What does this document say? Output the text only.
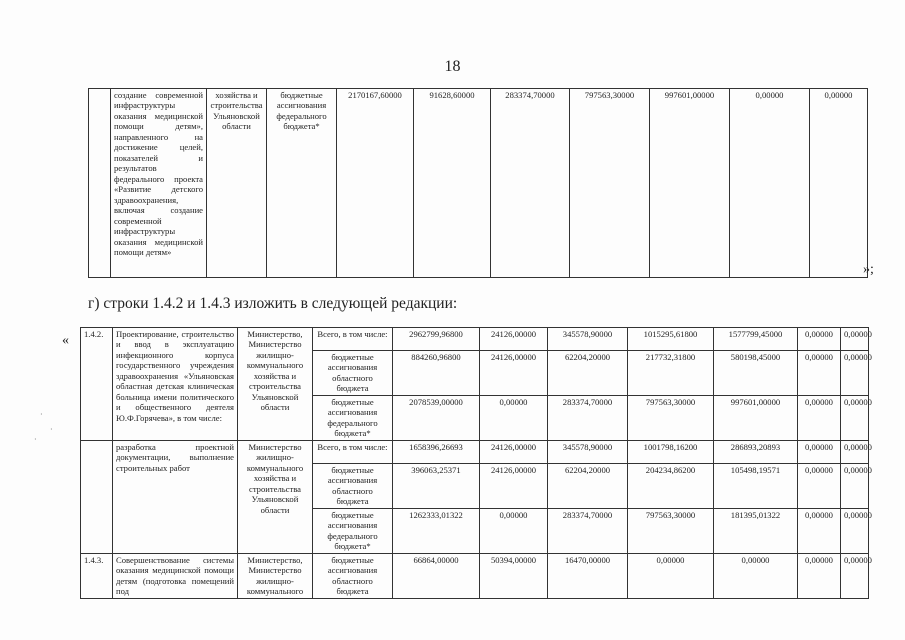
18
	создание современной инфраструктуры оказания медицинской помощи детям», направленного на достижение целей, показателей и результатов федерального проекта «Развитие детского здравоохранения, включая создание современной инфраструктуры оказания медицинской помощи детям»	хозяйства и строительства Ульяновской области	бюджетные ассигнования федерального бюджета*	2170167,60000	91628,60000	283374,70000	797563,30000	997601,00000	0,00000	0,00000
»;
г) строки 1.4.2 и 1.4.3 изложить в следующей редакции:
«
·
·
·
1.4.2.	Проектирование, строительство и ввод в эксплуатацию инфекционного корпуса государственного учреждения здравоохранения «Ульяновская областная детская клиническая больница имени политического и общественного деятеля Ю.Ф.Горячева», в том числе:	Министерство, Министерство жилищно-коммунального хозяйства и строительства Ульяновской области	Всего, в том числе:	2962799,96800	24126,00000	345578,90000	1015295,61800	1577799,45000	0,00000	0,00000
			бюджетные ассигнования областного бюджета	884260,96800	24126,00000	62204,20000	217732,31800	580198,45000	0,00000	0,00000
			бюджетные ассигнования федерального бюджета*	2078539,00000	0,00000	283374,70000	797563,30000	997601,00000	0,00000	0,00000
	разработка проектной документации, выполнение строительных работ	Министерство жилищно-коммунального хозяйства и строительства Ульяновской области	Всего, в том числе:	1658396,26693	24126,00000	345578,90000	1001798,16200	286893,20893	0,00000	0,00000
			бюджетные ассигнования областного бюджета	396063,25371	24126,00000	62204,20000	204234,86200	105498,19571	0,00000	0,00000
			бюджетные ассигнования федерального бюджета*	1262333,01322	0,00000	283374,70000	797563,30000	181395,01322	0,00000	0,00000
1.4.3.	Совершенствование системы оказания медицинской помощи детям (подготовка помещений под	Министерство, Министерство жилищно-коммунального	бюджетные ассигнования областного бюджета	66864,00000	50394,00000	16470,00000	0,00000	0,00000	0,00000	0,00000
